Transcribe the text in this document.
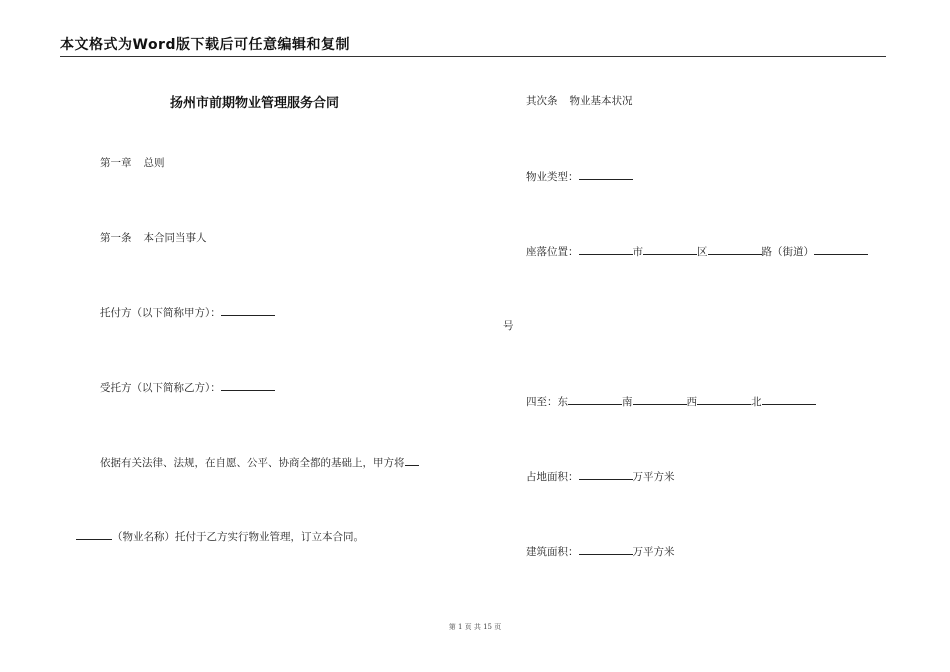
本文格式为Word版下载后可任意编辑和复制
扬州市前期物业管理服务合同
第一章 总则
第一条 本合同当事人
托付方（以下简称甲方）：
受托方（以下简称乙方）：
依据有关法律、法规，在自愿、公平、协商全都的基础上，甲方将
（物业名称）托付于乙方实行物业管理，订立本合同。
其次条 物业基本状况
物业类型：
座落位置：	市	区	路（街道）
号
四至：东	南	西	北
占地面积：	万平方米
建筑面积：	万平方米
第 1 页 共 15 页
